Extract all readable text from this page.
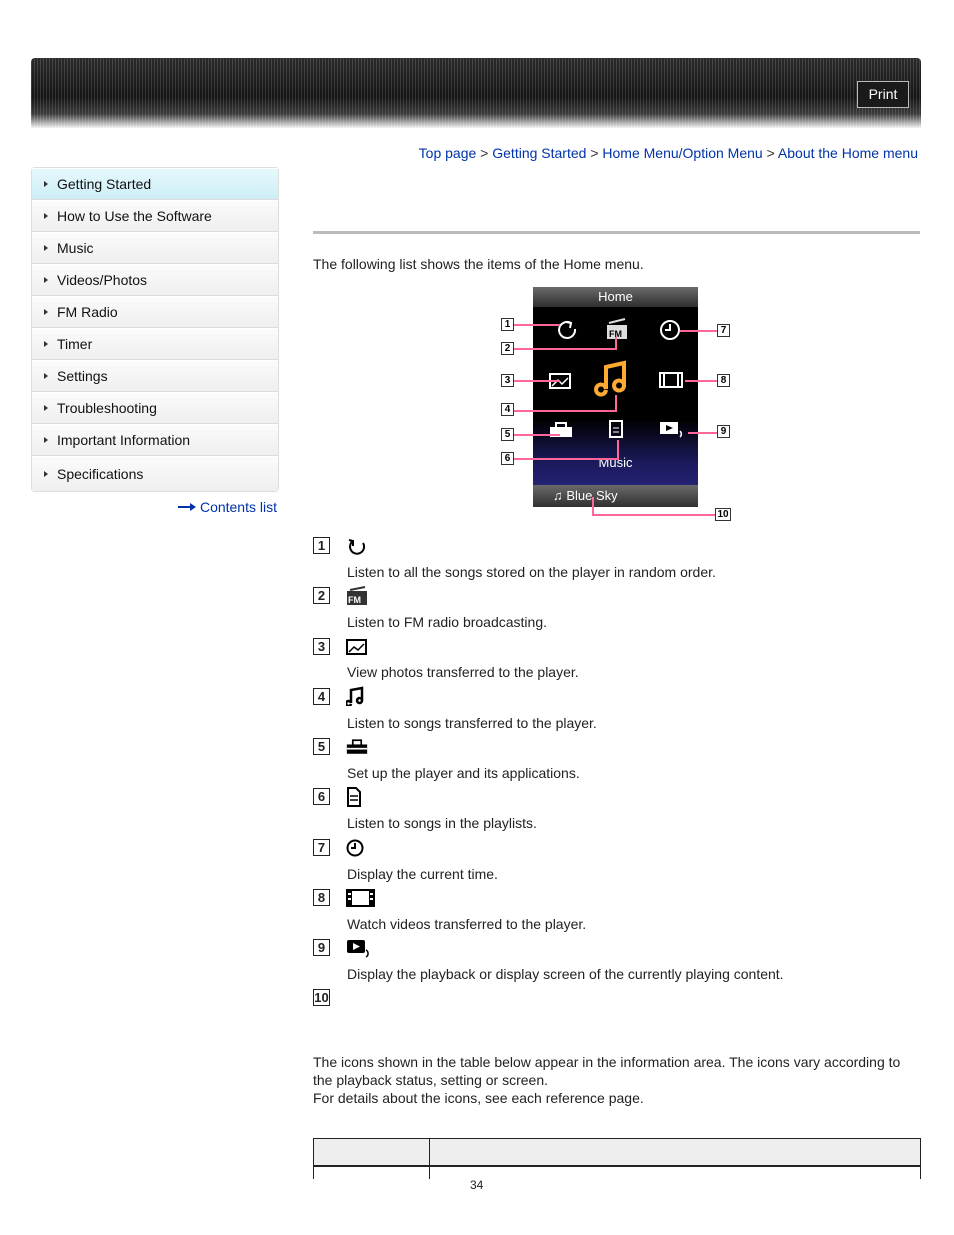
Print
Top page > Getting Started > Home Menu/Option Menu > About the Home menu
Getting Started
How to Use the Software
Music
Videos/Photos
FM Radio
Timer
Settings
Troubleshooting
Important Information
Specifications
Contents list
The following list shows the items of the Home menu.
Home
FM
Music
♫ Blue Sky
1
2
3
4
5
6
7
8
9
10
1
Listen to all the songs stored on the player in random order.
2	FM
Listen to FM radio broadcasting.
3
View photos transferred to the player.
4
Listen to songs transferred to the player.
5
Set up the player and its applications.
6
Listen to songs in the playlists.
7
Display the current time.
8
Watch videos transferred to the player.
9
Display the playback or display screen of the currently playing content.
10
The icons shown in the table below appear in the information area. The icons vary according to
the playback status, setting or screen.
For details about the icons, see each reference page.
34
